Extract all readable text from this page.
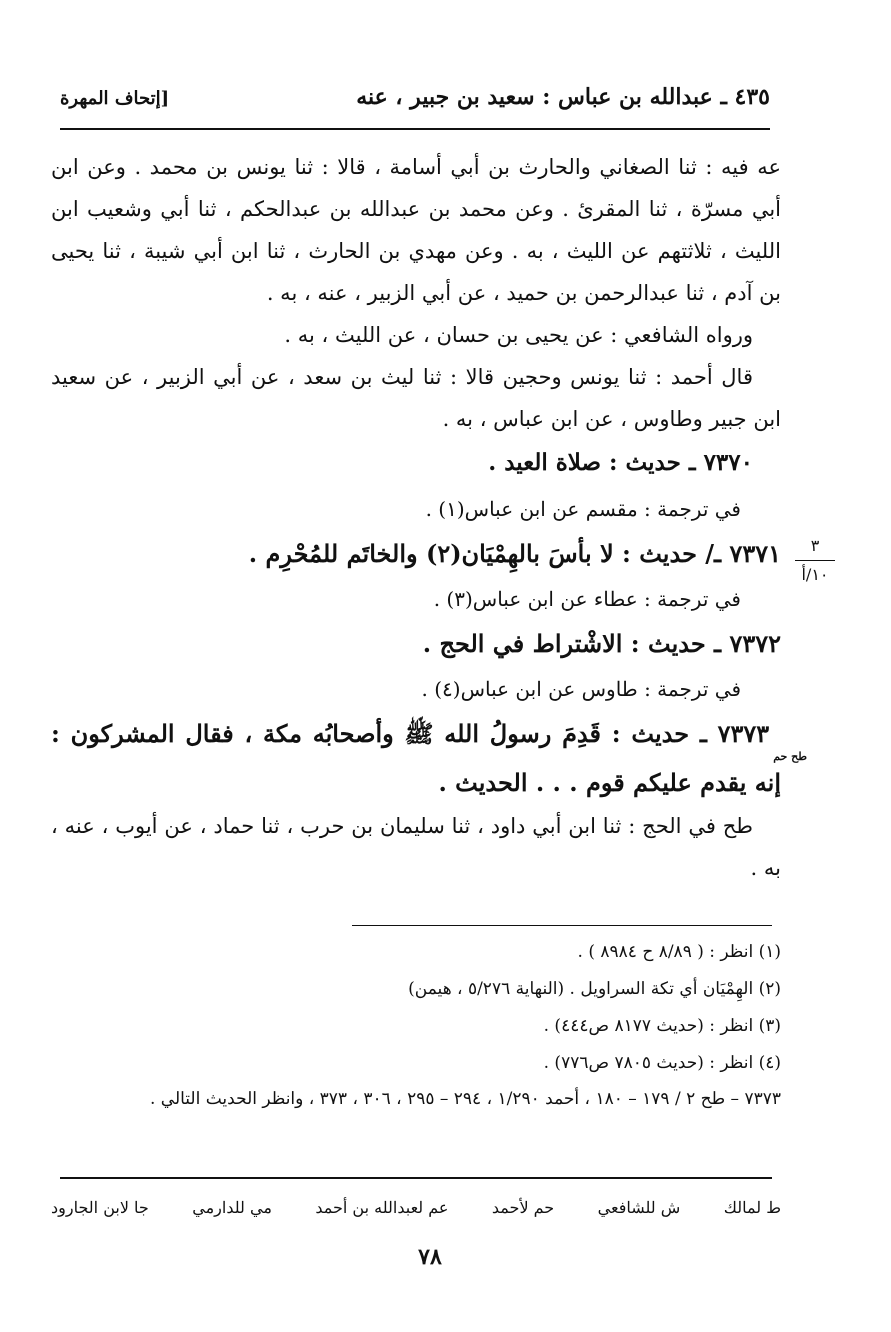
٤٣٥ ـ عبدالله بن عباس : سعيد بن جبير ، عنه
[إتحاف المهرة

عه فيه : ثنا الصغاني والحارث بن أبي أسامة ، قالا : ثنا يونس بن محمد . وعن ابن أبي مسرّة ، ثنا المقرئ . وعن محمد بن عبدالله بن عبدالحكم ، ثنا أبي وشعيب ابن الليث ، ثلاثتهم عن الليث ، به . وعن مهدي بن الحارث ، ثنا ابن أبي شيبة ، ثنا يحيى بن آدم ، ثنا عبدالرحمن بن حميد ، عن أبي الزبير ، عنه ، به .

ورواه الشافعي : عن يحيى بن حسان ، عن الليث ، به .

قال أحمد : ثنا يونس وحجين قالا : ثنا ليث بن سعد ، عن أبي الزبير ، عن سعيد ابن جبير وطاوس ، عن ابن عباس ، به .

٧٣٧٠ ـ حديث : صلاة العيد .

في ترجمة : مقسم عن ابن عباس(١) .

٧٣٧١ ـ/ حديث : لا بأسَ بالهِمْيَان(٢) والخاتَم للمُحْرِم .

في ترجمة : عطاء عن ابن عباس(٣) .

٧٣٧٢ ـ حديث : الاشْتراط في الحج .

في ترجمة : طاوس عن ابن عباس(٤) .

طح حم٧٣٧٣ ـ حديث : قَدِمَ رسولُ الله ﷺ وأصحابُه مكة ، فقال المشركون : إنه يقدم عليكم قوم . . . الحديث .

طح في الحج : ثنا ابن أبي داود ، ثنا سليمان بن حرب ، ثنا حماد ، عن أيوب ، عنه ، به .

٣
١٠/أ

(١) انظر : ( ٨/٨٩ ح ٨٩٨٤ ) .

(٢) الهِمْيَان أي تكة السراويل . (النهاية ٥/٢٧٦ ، هيمن)

(٣) انظر : (حديث ٨١٧٧ ص٤٤٤) .

(٤) انظر : (حديث ٧٨٠٥ ص٧٧٦) .

٧٣٧٣ – طح ٢ / ١٧٩ – ١٨٠ ، أحمد ١/٢٩٠ ، ٢٩٤ – ٢٩٥ ، ٣٠٦ ، ٣٧٣ ، وانظر الحديث التالي .

ط لمالك
ش للشافعي
حم لأحمد
عم لعبدالله بن أحمد
مي للدارمي
جا لابن الجارود
٧٨
